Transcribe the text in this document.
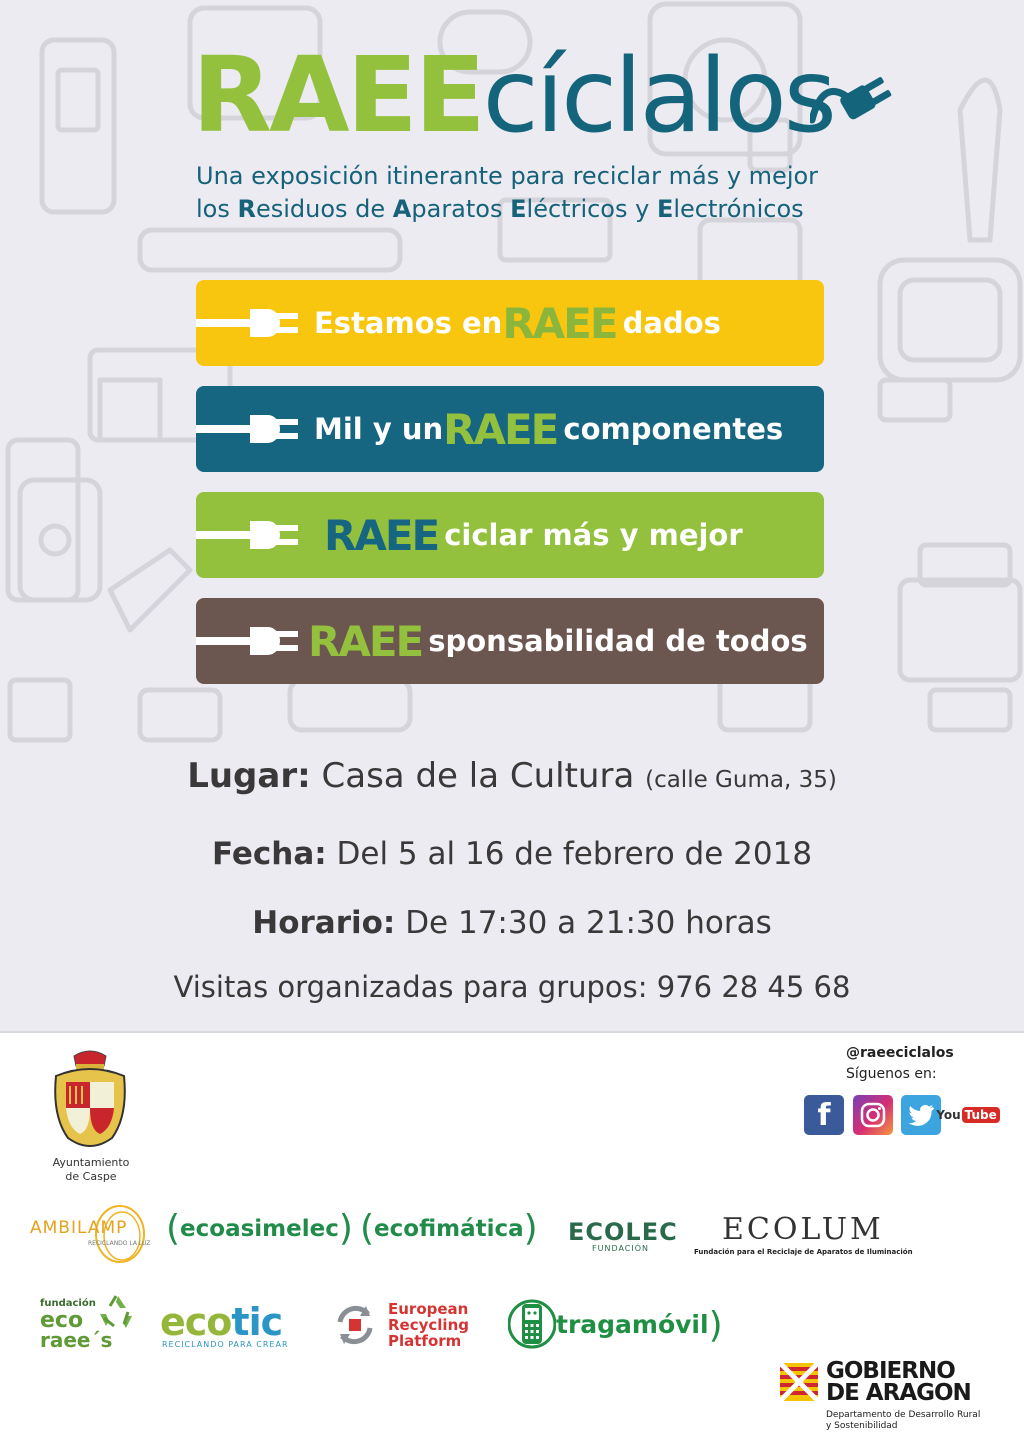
RAEEcíclalos
Una exposición itinerante para reciclar más y mejor
los Residuos de Aparatos Eléctricos y Electrónicos
Estamos en RAEE dados
Mil y un RAEE componentes
RAEE ciclar más y mejor
RAEE sponsabilidad de todos
Lugar: Casa de la Cultura (calle Guma, 35)
Fecha: Del 5 al 16 de febrero de 2018
Horario: De 17:30 a 21:30 horas
Visitas organizadas para grupos: 976 28 45 68
Ayuntamiento
de Caspe
@raeeciclalos
Síguenos en:
f	You Tube
AMBILAMP
RECICLANDO LA LUZ (ecoasimelec) (ecofimática) ECOLEC
FUNDACIÓN
ECOLUM
Fundación para el Reciclaje de Aparatos de Iluminación
fundación
eco
raee´s ecotic
RECICLANDO PARA CREAR
European
Recycling
Platform
tragamóvil)
GOBIERNO
DE ARAGON
Departamento de Desarrollo Rural
y Sostenibilidad
